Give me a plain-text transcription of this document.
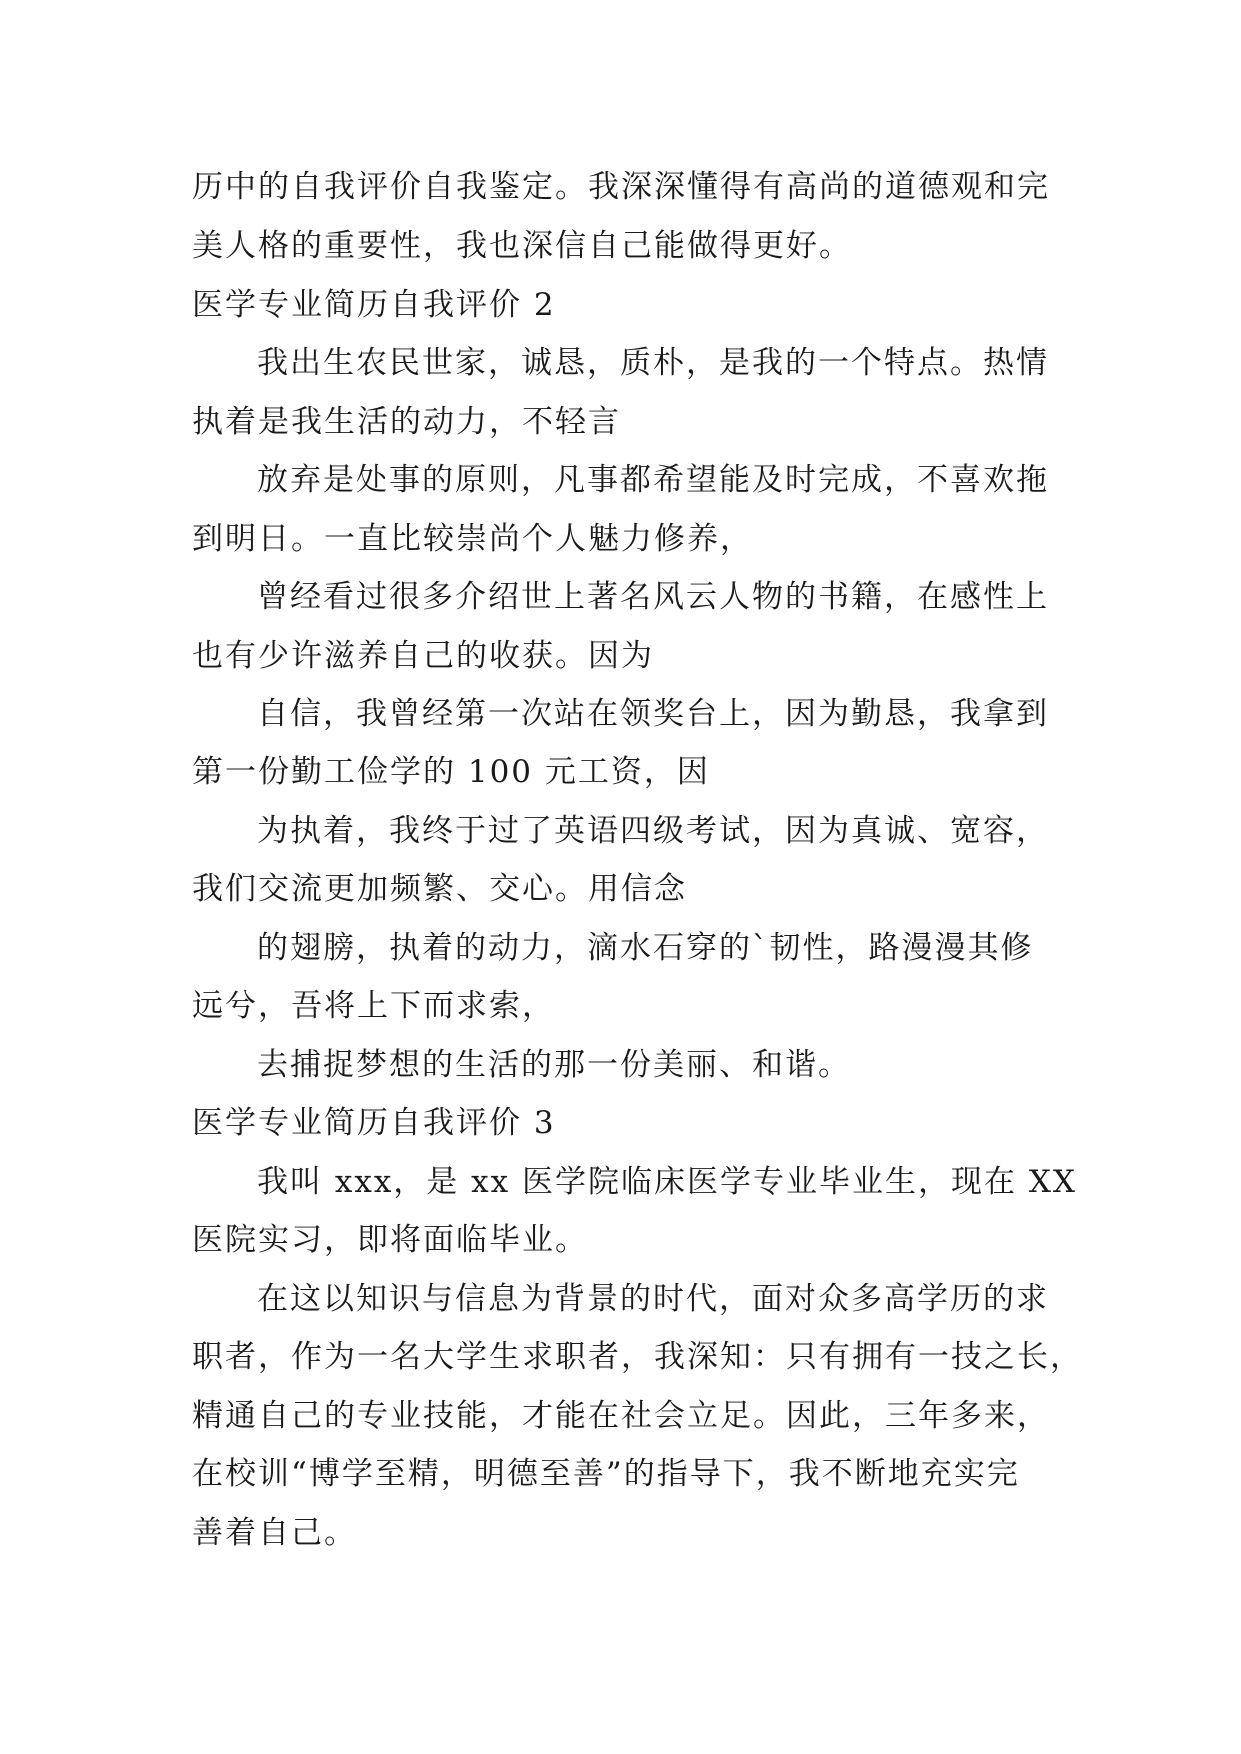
历中的自我评价自我鉴定。我深深懂得有高尚的道德观和完
美人格的重要性，我也深信自己能做得更好。
医学专业简历自我评价 2
我出生农民世家，诚恳，质朴，是我的一个特点。热情
执着是我生活的动力，不轻言
放弃是处事的原则，凡事都希望能及时完成，不喜欢拖
到明日。一直比较崇尚个人魅力修养，
曾经看过很多介绍世上著名风云人物的书籍，在感性上
也有少许滋养自己的收获。因为
自信，我曾经第一次站在领奖台上，因为勤恳，我拿到
第一份勤工俭学的 100 元工资，因
为执着，我终于过了英语四级考试，因为真诚、宽容，
我们交流更加频繁、交心。用信念
的翅膀，执着的动力，滴水石穿的`韧性，路漫漫其修
远兮，吾将上下而求索，
去捕捉梦想的生活的那一份美丽、和谐。
医学专业简历自我评价 3
我叫 xxx，是 xx 医学院临床医学专业毕业生，现在 XX
医院实习，即将面临毕业。
在这以知识与信息为背景的时代，面对众多高学历的求
职者，作为一名大学生求职者，我深知：只有拥有一技之长，
精通自己的专业技能，才能在社会立足。因此，三年多来，
在校训“博学至精，明德至善”的指导下，我不断地充实完
善着自己。
